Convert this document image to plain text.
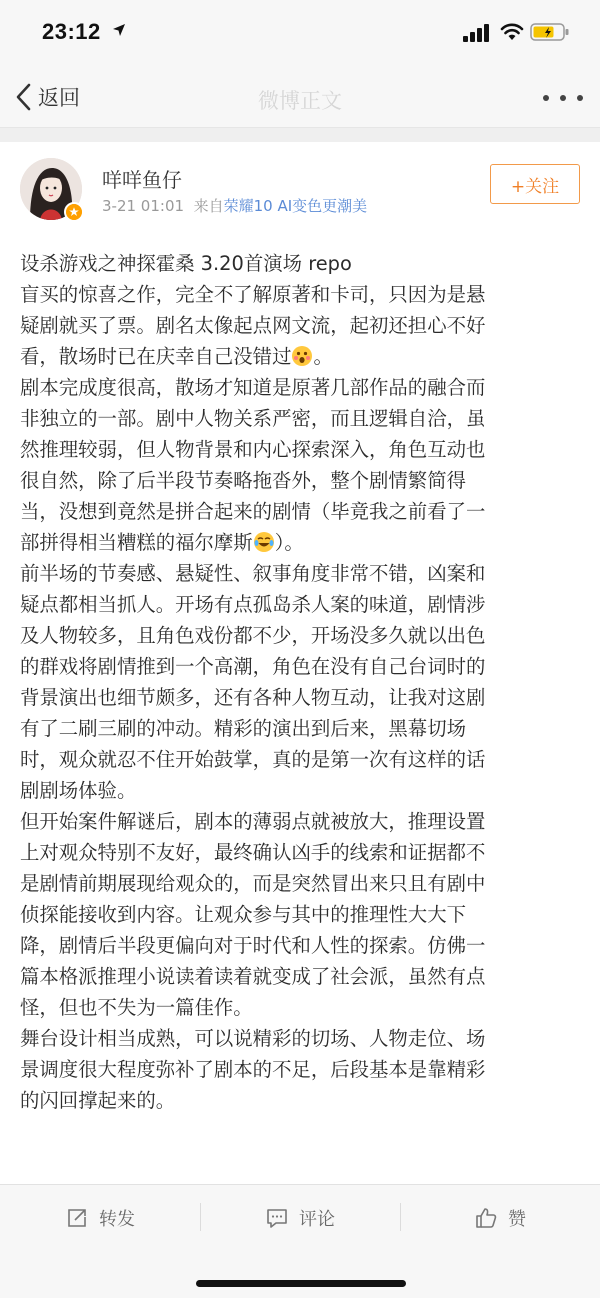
23:12
返回	微博正文
咩咩鱼仔
3-21 01:01 来自荣耀10 AI变色更潮美
+关注

设杀游戏之神探霍桑 3.20首演场 repo

盲买的惊喜之作，完全不了解原著和卡司，只因为是悬

疑剧就买了票。剧名太像起点网文流，起初还担心不好

看，散场时已在庆幸自己没错过 。

剧本完成度很高，散场才知道是原著几部作品的融合而

非独立的一部。剧中人物关系严密，而且逻辑自洽，虽

然推理较弱，但人物背景和内心探索深入，角色互动也

很自然，除了后半段节奏略拖沓外，整个剧情繁简得

当，没想到竟然是拼合起来的剧情（毕竟我之前看了一

部拼得相当糟糕的福尔摩斯 ）。

前半场的节奏感、悬疑性、叙事角度非常不错，凶案和

疑点都相当抓人。开场有点孤岛杀人案的味道，剧情涉

及人物较多，且角色戏份都不少，开场没多久就以出色

的群戏将剧情推到一个高潮，角色在没有自己台词时的

背景演出也细节颇多，还有各种人物互动，让我对这剧

有了二刷三刷的冲动。精彩的演出到后来，黑幕切场

时，观众就忍不住开始鼓掌，真的是第一次有这样的话

剧剧场体验。

但开始案件解谜后，剧本的薄弱点就被放大，推理设置

上对观众特别不友好，最终确认凶手的线索和证据都不

是剧情前期展现给观众的，而是突然冒出来只且有剧中

侦探能接收到内容。让观众参与其中的推理性大大下

降，剧情后半段更偏向对于时代和人性的探索。仿佛一

篇本格派推理小说读着读着就变成了社会派，虽然有点

怪，但也不失为一篇佳作。

舞台设计相当成熟，可以说精彩的切场、人物走位、场

景调度很大程度弥补了剧本的不足，后段基本是靠精彩

的闪回撑起来的。

转发	评论	赞
